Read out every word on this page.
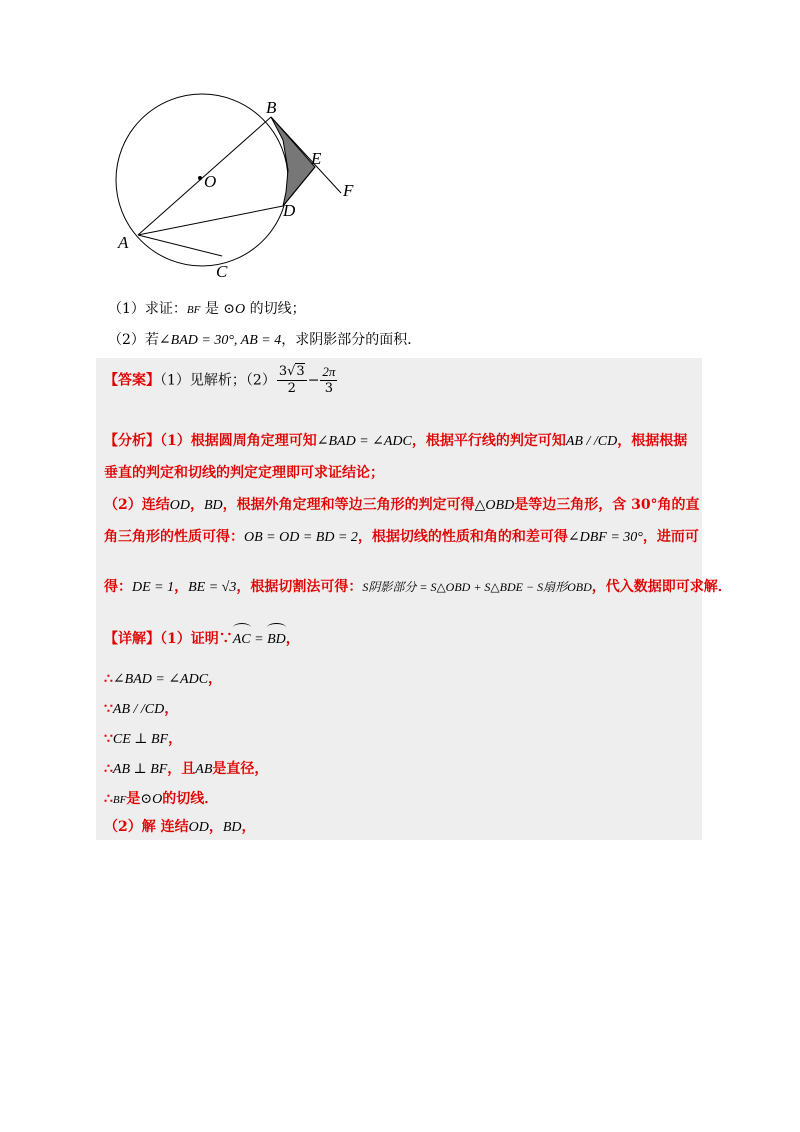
B
E
O
D
F
A
C
（1）求证：BF 是 ⊙O 的切线；
（2）若∠BAD = 30°, AB = 4，求阴影部分的面积．
【答案】（1）见解析；$(2) \frac{3√3}{2} - \frac{2\pi}{3}$
【分析】（1）根据圆周角定理可知∠BAD = ∠ADC，根据平行线的判定可知AB / /CD，根据根据
垂直的判定和切线的判定定理即可求证结论；
（2）连结OD，BD，根据外角定理和等边三角形的判定可得△OBD是等边三角形，含 30°角的直
角三角形的性质可得：OB = OD = BD = 2，根据切线的性质和角的和差可得∠DBF = 30°，进而可
得：DE = 1，BE = √3，根据切割法可得：S阴影部分 = S△OBD + S△BDE − S扇形OBD，代入数据即可求解．
【详解】（1）证明∵AC = BD，
∴∠BAD = ∠ADC，
∵AB / /CD，
∵CE ⊥ BF，
∴AB ⊥ BF，且AB是直径，
∴BF是⊙O的切线．
（2）解 连结OD，BD，
